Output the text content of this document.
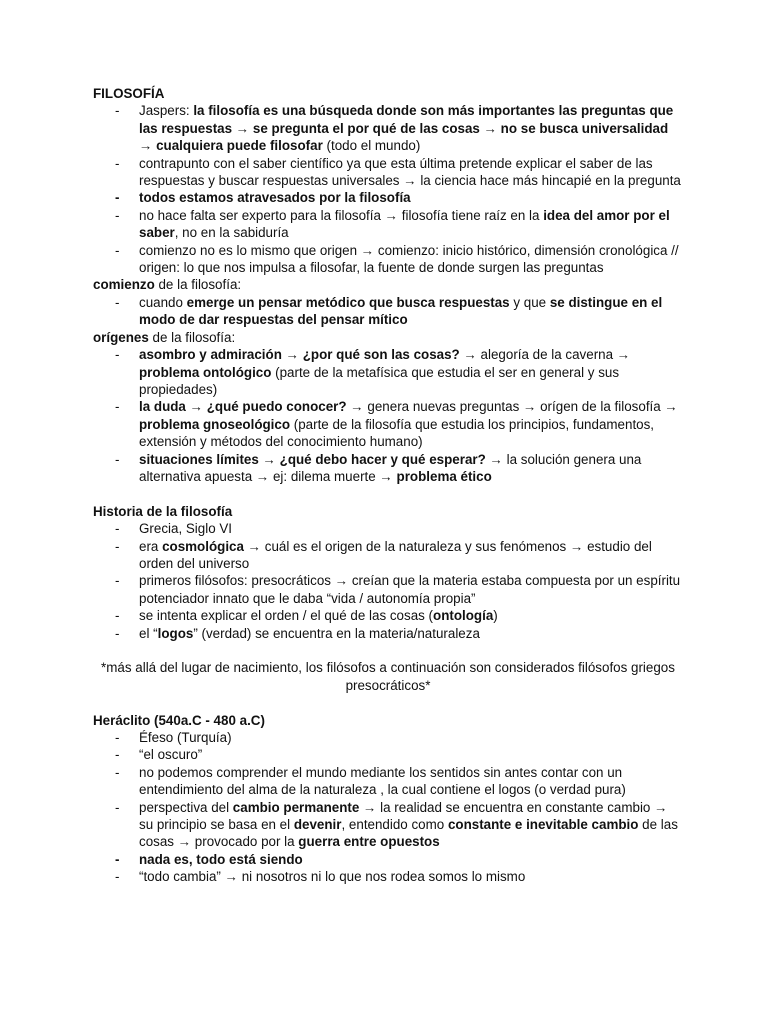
FILOSOFÍA
- Jaspers: la filosofía es una búsqueda donde son más importantes las preguntas que las respuestas → se pregunta el por qué de las cosas → no se busca universalidad → cualquiera puede filosofar (todo el mundo)
- contrapunto con el saber científico ya que esta última pretende explicar el saber de las respuestas y buscar respuestas universales → la ciencia hace más hincapié en la pregunta
- todos estamos atravesados por la filosofía
- no hace falta ser experto para la filosofía → filosofía tiene raíz en la idea del amor por el saber, no en la sabiduría
- comienzo no es lo mismo que origen → comienzo: inicio histórico, dimensión cronológica // origen: lo que nos impulsa a filosofar, la fuente de donde surgen las preguntas
comienzo de la filosofía:
- cuando emerge un pensar metódico que busca respuestas y que se distingue en el modo de dar respuestas del pensar mítico
orígenes de la filosofía:
- asombro y admiración → ¿por qué son las cosas? → alegoría de la caverna → problema ontológico (parte de la metafísica que estudia el ser en general y sus propiedades)
- la duda → ¿qué puedo conocer? → genera nuevas preguntas → orígen de la filosofía → problema gnoseológico (parte de la filosofía que estudia los principios, fundamentos, extensión y métodos del conocimiento humano)
- situaciones límites → ¿qué debo hacer y qué esperar? → la solución genera una alternativa apuesta → ej: dilema muerte → problema ético
Historia de la filosofía
- Grecia, Siglo VI
- era cosmológica → cuál es el origen de la naturaleza y sus fenómenos → estudio del orden del universo
- primeros filósofos: presocráticos → creían que la materia estaba compuesta por un espíritu potenciador innato que le daba “vida / autonomía propia”
- se intenta explicar el orden / el qué de las cosas (ontología)
- el “logos” (verdad) se encuentra en la materia/naturaleza
*más allá del lugar de nacimiento, los filósofos a continuación son considerados filósofos griegos presocráticos*
Heráclito (540a.C - 480 a.C)
- Éfeso (Turquía)
- “el oscuro”
- no podemos comprender el mundo mediante los sentidos sin antes contar con un entendimiento del alma de la naturaleza , la cual contiene el logos (o verdad pura)
- perspectiva del cambio permanente → la realidad se encuentra en constante cambio → su principio se basa en el devenir, entendido como constante e inevitable cambio de las cosas → provocado por la guerra entre opuestos
- nada es, todo está siendo
- “todo cambia” → ni nosotros ni lo que nos rodea somos lo mismo
